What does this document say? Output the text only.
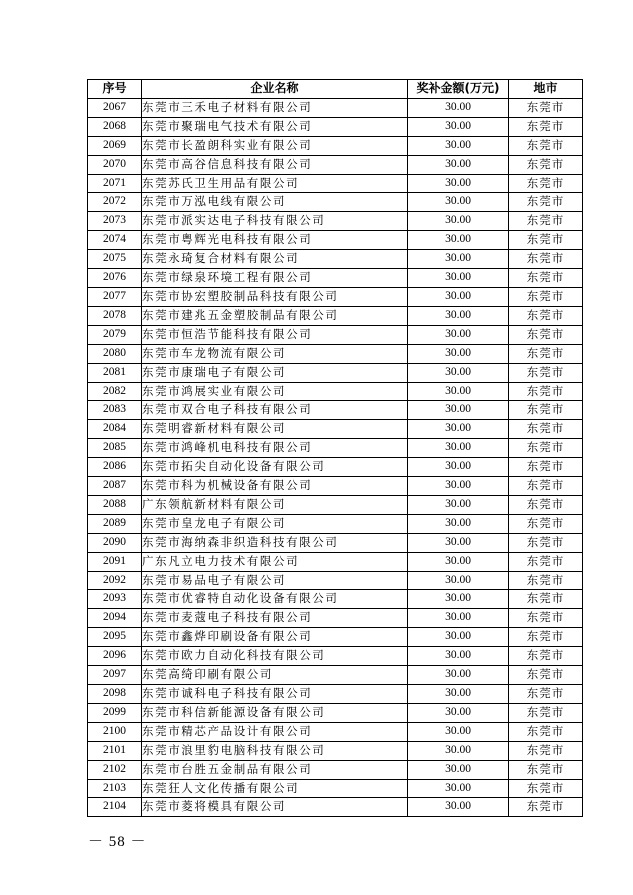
序号	企业名称	奖补金额(万元)	地市
2067	东莞市三禾电子材料有限公司	30.00	东莞市
2068	东莞市聚瑞电气技术有限公司	30.00	东莞市
2069	东莞市长盈朗科实业有限公司	30.00	东莞市
2070	东莞市高谷信息科技有限公司	30.00	东莞市
2071	东莞苏氏卫生用品有限公司	30.00	东莞市
2072	东莞市万泓电线有限公司	30.00	东莞市
2073	东莞市派实达电子科技有限公司	30.00	东莞市
2074	东莞市粤辉光电科技有限公司	30.00	东莞市
2075	东莞永琦复合材料有限公司	30.00	东莞市
2076	东莞市绿泉环境工程有限公司	30.00	东莞市
2077	东莞市协宏塑胶制品科技有限公司	30.00	东莞市
2078	东莞市建兆五金塑胶制品有限公司	30.00	东莞市
2079	东莞市恒浩节能科技有限公司	30.00	东莞市
2080	东莞市车龙物流有限公司	30.00	东莞市
2081	东莞市康瑞电子有限公司	30.00	东莞市
2082	东莞市鸿展实业有限公司	30.00	东莞市
2083	东莞市双合电子科技有限公司	30.00	东莞市
2084	东莞明睿新材料有限公司	30.00	东莞市
2085	东莞市鸿峰机电科技有限公司	30.00	东莞市
2086	东莞市拓尖自动化设备有限公司	30.00	东莞市
2087	东莞市科为机械设备有限公司	30.00	东莞市
2088	广东领航新材料有限公司	30.00	东莞市
2089	东莞市皇龙电子有限公司	30.00	东莞市
2090	东莞市海纳森非织造科技有限公司	30.00	东莞市
2091	广东凡立电力技术有限公司	30.00	东莞市
2092	东莞市易品电子有限公司	30.00	东莞市
2093	东莞市优睿特自动化设备有限公司	30.00	东莞市
2094	东莞市麦蔻电子科技有限公司	30.00	东莞市
2095	东莞市鑫烨印刷设备有限公司	30.00	东莞市
2096	东莞市欧力自动化科技有限公司	30.00	东莞市
2097	东莞高绮印刷有限公司	30.00	东莞市
2098	东莞市诚科电子科技有限公司	30.00	东莞市
2099	东莞市科信新能源设备有限公司	30.00	东莞市
2100	东莞市精芯产品设计有限公司	30.00	东莞市
2101	东莞市浪里豹电脑科技有限公司	30.00	东莞市
2102	东莞市台胜五金制品有限公司	30.00	东莞市
2103	东莞狂人文化传播有限公司	30.00	东莞市
2104	东莞市菱将模具有限公司	30.00	东莞市
－ 58 －
